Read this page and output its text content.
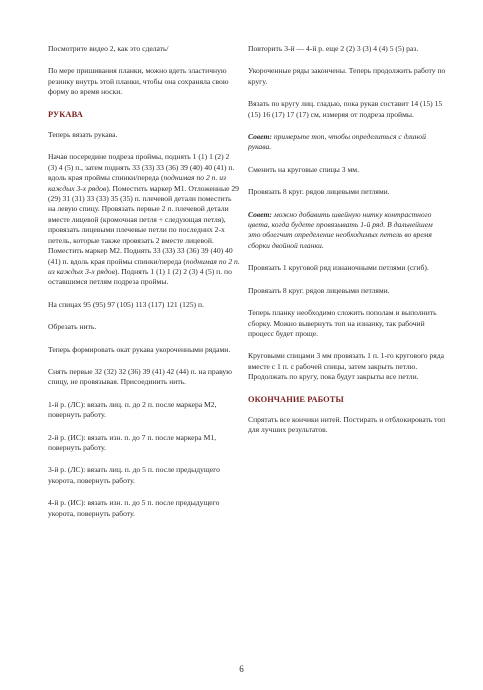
Посмотрите видео 2, как это сделать/

По мере пришивания планки, можно вдеть эластичную резинку внутрь этой планки, чтобы она сохраняла свою форму во время носки.

РУКАВА

Теперь вязать рукава.

Начав посередине подреза проймы, поднять 1 (1) 1 (2) 2 (3) 4 (5) п., затем поднять 33 (33) 33 (36) 39 (40) 40 (41) п. вдоль края проймы спинки/переда (поднимая по 2 п. из каждых 3-х рядов). Поместить маркер М1. Отложенные 29 (29) 31 (31) 33 (33) 35 (35) п. плечевой детали поместить на левую спицу. Провязать первые 2 п. плечевой детали вместе лицевой (кромочная петля + следующая петля), провязать лицевыми плечевые петли по последних 2-х петель, которые также провязать 2 вместе лицевой. Поместить маркер М2. Поднять 33 (33) 33 (36) 39 (40) 40 (41) п. вдоль края проймы спинки/переда (поднимая по 2 п. из каждых 3-х рядов). Поднять 1 (1) 1 (2) 2 (3) 4 (5) п. по оставшимся петлям подреза проймы.

На спицах 95 (95) 97 (105) 113 (117) 121 (125) п.

Обрезать нить.

Теперь формировать окат рукава укороченными рядами.

Снять первые 32 (32) 32 (36) 39 (41) 42 (44) п. на правую спицу, не провязывая. Присоединить нить.

1-й р. (ЛС): вязать лиц. п. до 2 п. после маркера М2, повернуть работу.

2-й р. (ИС): вязать изн. п. до 7 п. после маркера М1, повернуть работу.

3-й р. (ЛС): вязать лиц. п. до 5 п. после предыдущего укорота, повернуть работу.

4-й р. (ИС): вязать изн. п. до 5 п. после предыдущего укорота, повернуть работу.

Повторить 3-й — 4-й р. еще 2 (2) 3 (3) 4 (4) 5 (5) раз.

Укороченные ряды закончены. Теперь продолжить работу по кругу.

Вязать по кругу лиц. гладью, пока рукав составит 14 (15) 15 (15) 16 (17) 17 (17) см, измеряя от подреза проймы.

Совет: примерьте топ, чтобы определиться с длиной рукава.

Сменить на круговые спицы 3 мм.

Провязать 8 круг. рядов лицевыми петлями.

Совет: можно добавить швейную нитку контрастного цвета, когда будете провязывать 1-й ряд. В дальнейшем это облегчит определение необходимых петель во время сборки двойной планки.

Провязать 1 круговой ряд изнаночными петлями (сгиб).

Провязать 8 круг. рядов лицевыми петлями.

Теперь планку необходимо сложить пополам и выполнить сборку. Можно вывернуть топ на изнанку, так рабочий процесс будет проще.

Круговыми спицами 3 мм провязать 1 п. 1-го кругового ряда вместе с 1 п. с рабочей спицы, затем закрыть петлю. Продолжать по кругу, пока будут закрыты все петли.

ОКОНЧАНИЕ РАБОТЫ

Спрятать все кончики нитей. Постирать и отблокировать топ для лучших результатов.

6
